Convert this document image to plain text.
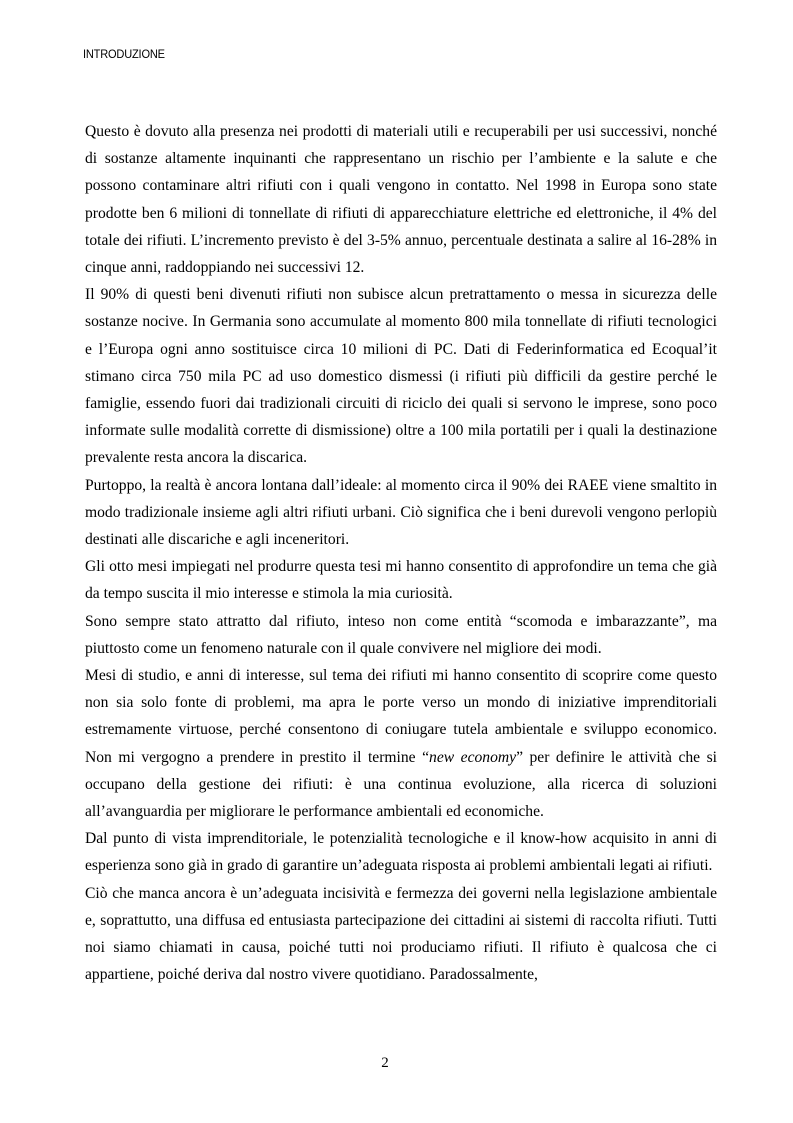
INTRODUZIONE

Questo è dovuto alla presenza nei prodotti di materiali utili e recuperabili per usi successivi, nonché di sostanze altamente inquinanti che rappresentano un rischio per l’ambiente e la salute e che possono contaminare altri rifiuti con i quali vengono in contatto. Nel 1998 in Europa sono state prodotte ben 6 milioni di tonnellate di rifiuti di apparecchiature elettriche ed elettroniche, il 4% del totale dei rifiuti. L’incremento previsto è del 3-5% annuo, percentuale destinata a salire al 16-28% in cinque anni, raddoppiando nei successivi 12.

Il 90% di questi beni divenuti rifiuti non subisce alcun pretrattamento o messa in sicurezza delle sostanze nocive. In Germania sono accumulate al momento 800 mila tonnellate di rifiuti tecnologici e l’Europa ogni anno sostituisce circa 10 milioni di PC. Dati di Federinformatica ed Ecoqual’it stimano circa 750 mila PC ad uso domestico dismessi (i rifiuti più difficili da gestire perché le famiglie, essendo fuori dai tradizionali circuiti di riciclo dei quali si servono le imprese, sono poco informate sulle modalità corrette di dismissione) oltre a 100 mila portatili per i quali la destinazione prevalente resta ancora la discarica.

Purtoppo, la realtà è ancora lontana dall’ideale: al momento circa il 90% dei RAEE viene smaltito in modo tradizionale insieme agli altri rifiuti urbani. Ciò significa che i beni durevoli vengono perlopiù destinati alle discariche e agli inceneritori.

Gli otto mesi impiegati nel produrre questa tesi mi hanno consentito di approfondire un tema che già da tempo suscita il mio interesse e stimola la mia curiosità.

Sono sempre stato attratto dal rifiuto, inteso non come entità “scomoda e imbarazzante”, ma piuttosto come un fenomeno naturale con il quale convivere nel migliore dei modi.

Mesi di studio, e anni di interesse, sul tema dei rifiuti mi hanno consentito di scoprire come questo non sia solo fonte di problemi, ma apra le porte verso un mondo di iniziative imprenditoriali estremamente virtuose, perché consentono di coniugare tutela ambientale e sviluppo economico. Non mi vergogno a prendere in prestito il termine “new economy” per definire le attività che si occupano della gestione dei rifiuti: è una continua evoluzione, alla ricerca di soluzioni all’avanguardia per migliorare le performance ambientali ed economiche.

Dal punto di vista imprenditoriale, le potenzialità tecnologiche e il know-how acquisito in anni di esperienza sono già in grado di garantire un’adeguata risposta ai problemi ambientali legati ai rifiuti.

Ciò che manca ancora è un’adeguata incisività e fermezza dei governi nella legislazione ambientale e, soprattutto, una diffusa ed entusiasta partecipazione dei cittadini ai sistemi di raccolta rifiuti. Tutti noi siamo chiamati in causa, poiché tutti noi produciamo rifiuti. Il rifiuto è qualcosa che ci appartiene, poiché deriva dal nostro vivere quotidiano. Paradossalmente,

2
